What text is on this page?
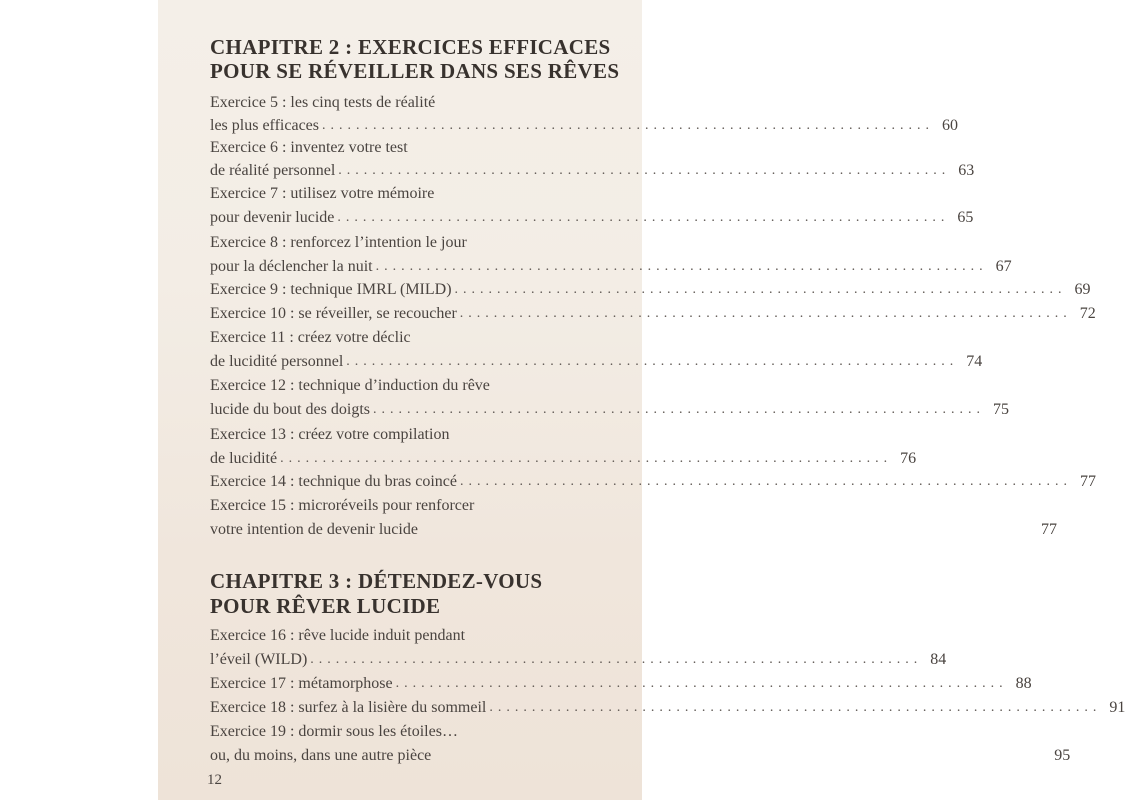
CHAPITRE 2 : EXERCICES EFFICACES
POUR SE RÉVEILLER DANS SES RÊVES
Exercice 5 : les cinq tests de réalité
les plus efficaces ........................................................................ 60
Exercice 6 : inventez votre test
de réalité personnel ........................................................................ 63
Exercice 7 : utilisez votre mémoire
pour devenir lucide ........................................................................ 65
Exercice 8 : renforcez l’intention le jour
pour la déclencher la nuit ........................................................................ 67
Exercice 9 : technique IMRL (MILD) ........................................................................ 69
Exercice 10 : se réveiller, se recoucher ........................................................................ 72
Exercice 11 : créez votre déclic
de lucidité personnel ........................................................................ 74
Exercice 12 : technique d’induction du rêve
lucide du bout des doigts ........................................................................ 75
Exercice 13 : créez votre compilation
de lucidité ........................................................................ 76
Exercice 14 : technique du bras coincé ........................................................................ 77
Exercice 15 : microréveils pour renforcer
votre intention de devenir lucide	77
CHAPITRE 3 : DÉTENDEZ-VOUS
POUR RÊVER LUCIDE
Exercice 16 : rêve lucide induit pendant
l’éveil (WILD) ........................................................................ 84
Exercice 17 : métamorphose ........................................................................ 88
Exercice 18 : surfez à la lisière du sommeil ........................................................................ 91
Exercice 19 : dormir sous les étoiles…
ou, du moins, dans une autre pièce	95
12
